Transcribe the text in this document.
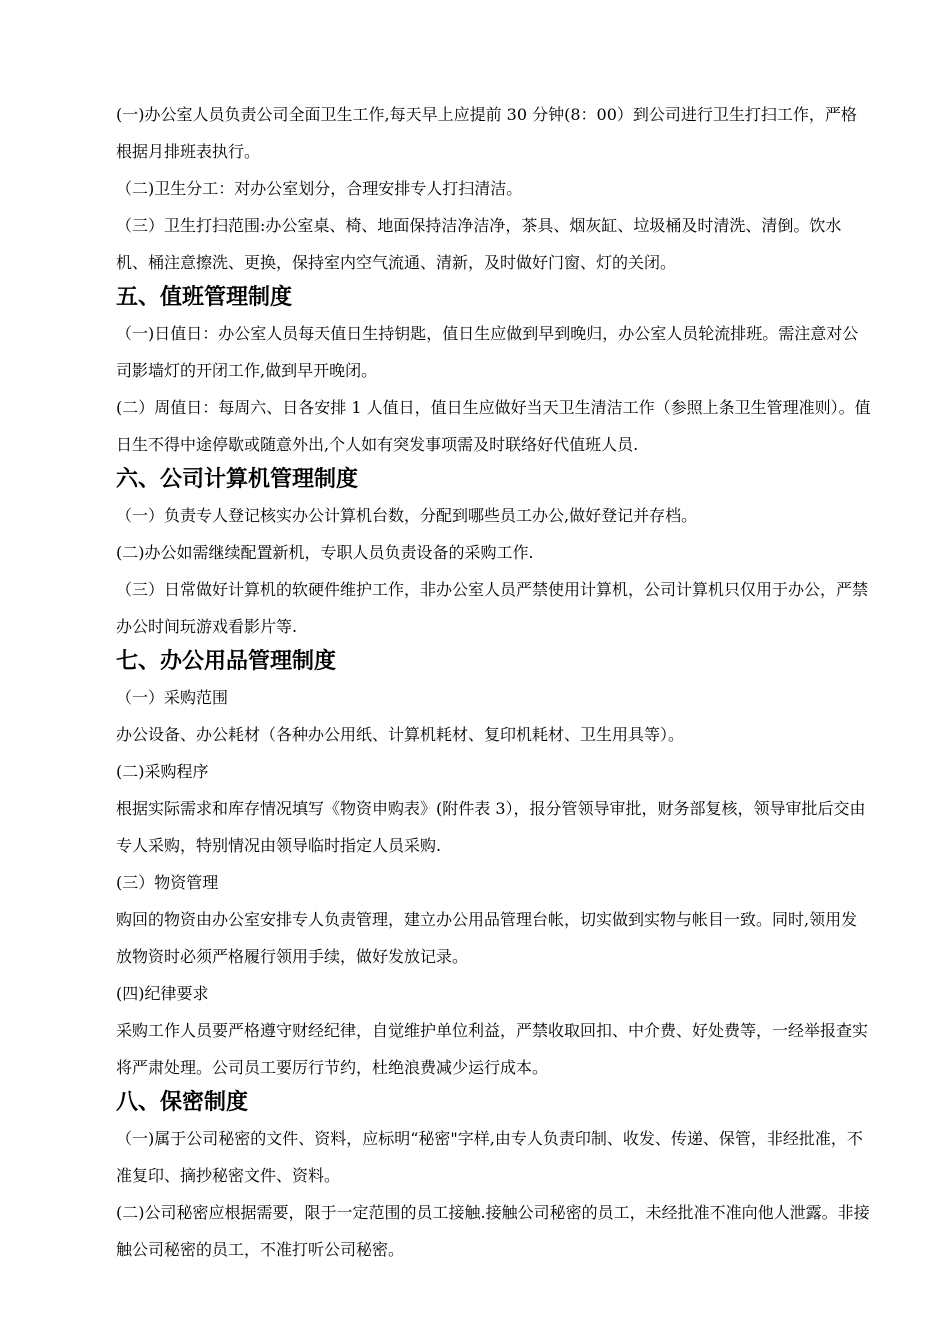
(一)办公室人员负责公司全面卫生工作,每天早上应提前 30 分钟(8：00）到公司进行卫生打扫工作，严格根据月排班表执行。

（二)卫生分工：对办公室划分，合理安排专人打扫清洁。

（三）卫生打扫范围:办公室桌、椅、地面保持洁净洁净，茶具、烟灰缸、垃圾桶及时清洗、清倒。饮水机、桶注意擦洗、更换，保持室内空气流通、清新，及时做好门窗、灯的关闭。

五、值班管理制度

（一)日值日：办公室人员每天值日生持钥匙，值日生应做到早到晚归，办公室人员轮流排班。需注意对公司影墙灯的开闭工作,做到早开晚闭。

(二）周值日：每周六、日各安排 1 人值日，值日生应做好当天卫生清洁工作（参照上条卫生管理准则）。值日生不得中途停歇或随意外出,个人如有突发事项需及时联络好代值班人员.

六、公司计算机管理制度

（一）负责专人登记核实办公计算机台数，分配到哪些员工办公,做好登记并存档。

(二)办公如需继续配置新机，专职人员负责设备的采购工作.

（三）日常做好计算机的软硬件维护工作，非办公室人员严禁使用计算机，公司计算机只仅用于办公，严禁办公时间玩游戏看影片等.

七、办公用品管理制度

（一）采购范围

办公设备、办公耗材（各种办公用纸、计算机耗材、复印机耗材、卫生用具等）。

(二)采购程序

根据实际需求和库存情况填写《物资申购表》(附件表 3），报分管领导审批，财务部复核，领导审批后交由专人采购，特别情况由领导临时指定人员采购.

(三）物资管理

购回的物资由办公室安排专人负责管理，建立办公用品管理台帐，切实做到实物与帐目一致。同时,领用发放物资时必须严格履行领用手续，做好发放记录。

(四)纪律要求

采购工作人员要严格遵守财经纪律，自觉维护单位利益，严禁收取回扣、中介费、好处费等，一经举报查实将严肃处理。公司员工要厉行节约，杜绝浪费减少运行成本。

八、保密制度

（一)属于公司秘密的文件、资料，应标明“秘密"字样,由专人负责印制、收发、传递、保管，非经批准，不准复印、摘抄秘密文件、资料。

(二)公司秘密应根据需要，限于一定范围的员工接触.接触公司秘密的员工，未经批准不准向他人泄露。非接触公司秘密的员工，不准打听公司秘密。
